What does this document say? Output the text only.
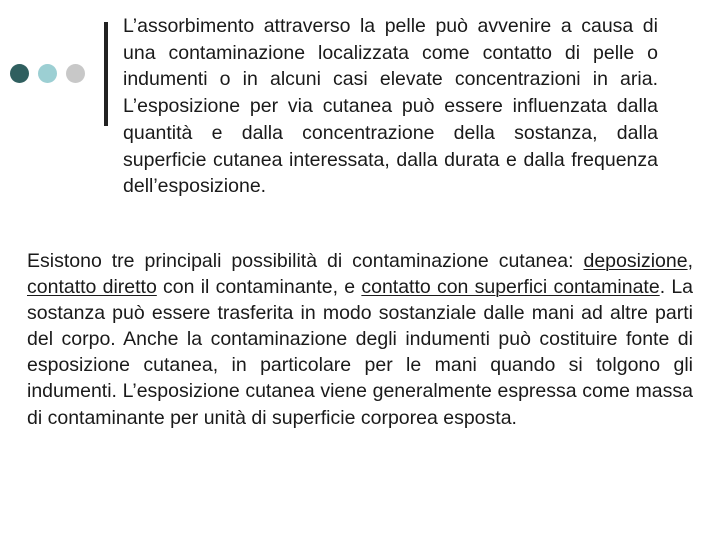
L’assorbimento attraverso la pelle può avvenire a causa di una contaminazione localizzata come contatto di pelle o indumenti o in alcuni casi elevate concentrazioni in aria. L’esposizione per via cutanea può essere influenzata dalla quantità e dalla concentrazione della sostanza, dalla superficie cutanea interessata, dalla durata e dalla frequenza dell’esposizione.

Esistono tre principali possibilità di contaminazione cutanea: deposizione, contatto diretto con il contaminante, e contatto con superfici contaminate. La sostanza può essere trasferita in modo sostanziale dalle mani ad altre parti del corpo. Anche la contaminazione degli indumenti può costituire fonte di esposizione cutanea, in particolare per le mani quando si tolgono gli indumenti. L’esposizione cutanea viene generalmente espressa come massa di contaminante per unità di superficie corporea esposta.
